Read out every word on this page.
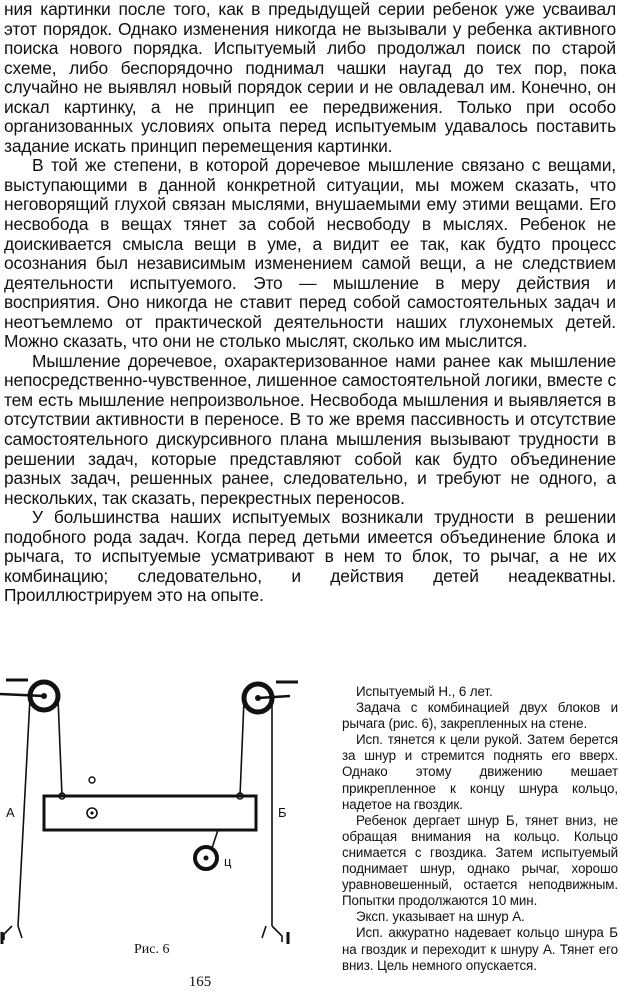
ния картинки после того, как в предыдущей серии ребенок уже усваивал этот порядок. Однако изменения никогда не вызывали у ребенка активного поиска нового порядка. Испытуемый либо продолжал поиск по старой схеме, либо беспорядочно поднимал чашки наугад до тех пор, пока случайно не выявлял новый порядок серии и не овладевал им. Конечно, он искал картинку, а не принцип ее передвижения. Только при особо организованных условиях опыта перед испытуемым удавалось поставить задание искать принцип перемещения картинки.

В той же степени, в которой доречевое мышление связано с вещами, выступающими в данной конкретной ситуации, мы можем сказать, что неговорящий глухой связан мыслями, внушаемыми ему этими вещами. Его несвобода в вещах тянет за собой несвободу в мыслях. Ребенок не доискивается смысла вещи в уме, а видит ее так, как будто процесс осознания был независимым изменением самой вещи, а не следствием деятельности испытуемого. Это — мышление в меру действия и восприятия. Оно никогда не ставит перед собой самостоятельных задач и неотъемлемо от практической деятельности наших глухонемых детей. Можно сказать, что они не столько мыслят, сколько им мыслится.

Мышление доречевое, охарактеризованное нами ранее как мышление непосредственно-чувственное, лишенное самостоятельной логики, вместе с тем есть мышление непроизвольное. Несвобода мышления и выявляется в отсутствии активности в переносе. В то же время пассивность и отсутствие самостоятельного дискурсивного плана мышления вызывают трудности в решении задач, которые представляют собой как будто объединение разных задач, решенных ранее, следовательно, и требуют не одного, а нескольких, так сказать, перекрестных переносов.

У большинства наших испытуемых возникали трудности в решении подобного рода задач. Когда перед детьми имеется объединение блока и рычага, то испытуемые усматривают в нем то блок, то рычаг, а не их комбинацию; следовательно, и действия детей неадекватны. Проиллюстрируем это на опыте.

А	Б
ц
Рис. 6

Испытуемый Н., 6 лет.

Задача с комбинацией двух блоков и рычага (рис. 6), закрепленных на стене.

Исп. тянется к цели рукой. Затем берется за шнур и стремится поднять его вверх. Однако этому движению мешает прикрепленное к концу шнура кольцо, надетое на гвоздик.

Ребенок дергает шнур Б, тянет вниз, не обращая внимания на кольцо. Кольцо снимается с гвоздика. Затем испытуемый поднимает шнур, однако рычаг, хорошо уравновешенный, остается неподвижным. Попытки продолжаются 10 мин.

Эксп. указывает на шнур А.

Исп. аккуратно надевает кольцо шнура Б на гвоздик и переходит к шнуру А. Тянет его вниз. Цель немного опускается.

165
